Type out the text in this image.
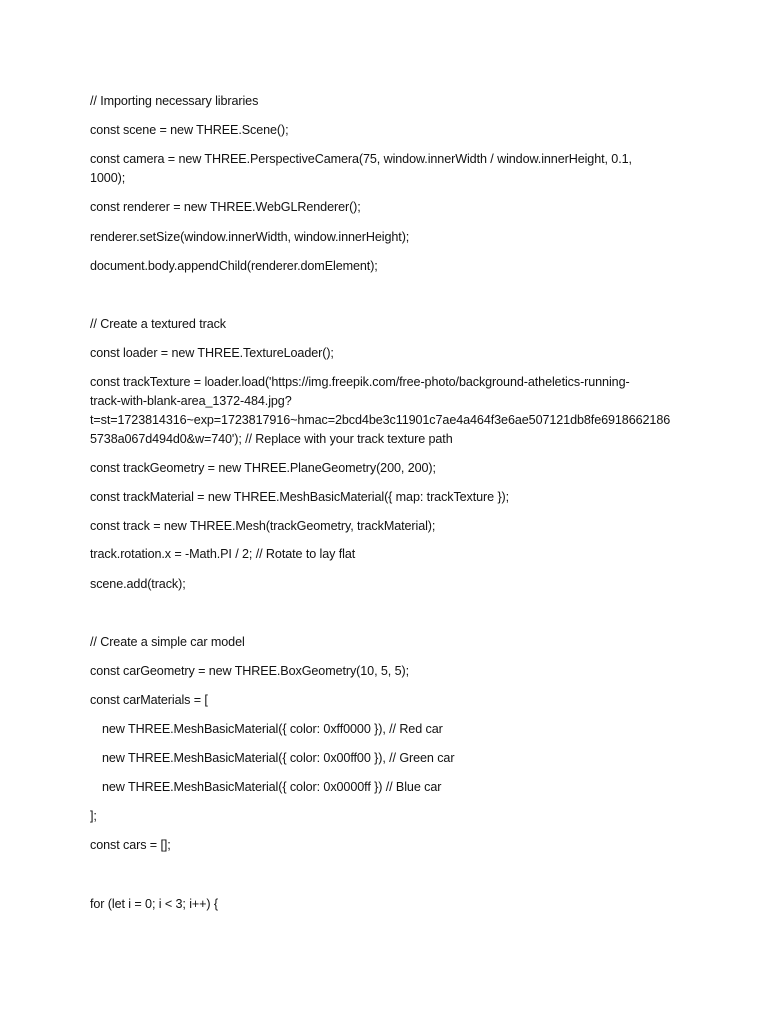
// Importing necessary libraries
const scene = new THREE.Scene();
const camera = new THREE.PerspectiveCamera(75, window.innerWidth / window.innerHeight, 0.1,
1000);
const renderer = new THREE.WebGLRenderer();
renderer.setSize(window.innerWidth, window.innerHeight);
document.body.appendChild(renderer.domElement);
// Create a textured track
const loader = new THREE.TextureLoader();
const trackTexture = loader.load('https://img.freepik.com/free-photo/background-atheletics-running-
track-with-blank-area_1372-484.jpg?
t=st=1723814316~exp=1723817916~hmac=2bcd4be3c11901c7ae4a464f3e6ae507121db8fe6918662186
5738a067d494d0&w=740'); // Replace with your track texture path
const trackGeometry = new THREE.PlaneGeometry(200, 200);
const trackMaterial = new THREE.MeshBasicMaterial({ map: trackTexture });
const track = new THREE.Mesh(trackGeometry, trackMaterial);
track.rotation.x = -Math.PI / 2; // Rotate to lay flat
scene.add(track);
// Create a simple car model
const carGeometry = new THREE.BoxGeometry(10, 5, 5);
const carMaterials = [
new THREE.MeshBasicMaterial({ color: 0xff0000 }), // Red car
new THREE.MeshBasicMaterial({ color: 0x00ff00 }), // Green car
new THREE.MeshBasicMaterial({ color: 0x0000ff }) // Blue car
];
const cars = [];
for (let i = 0; i < 3; i++) {
